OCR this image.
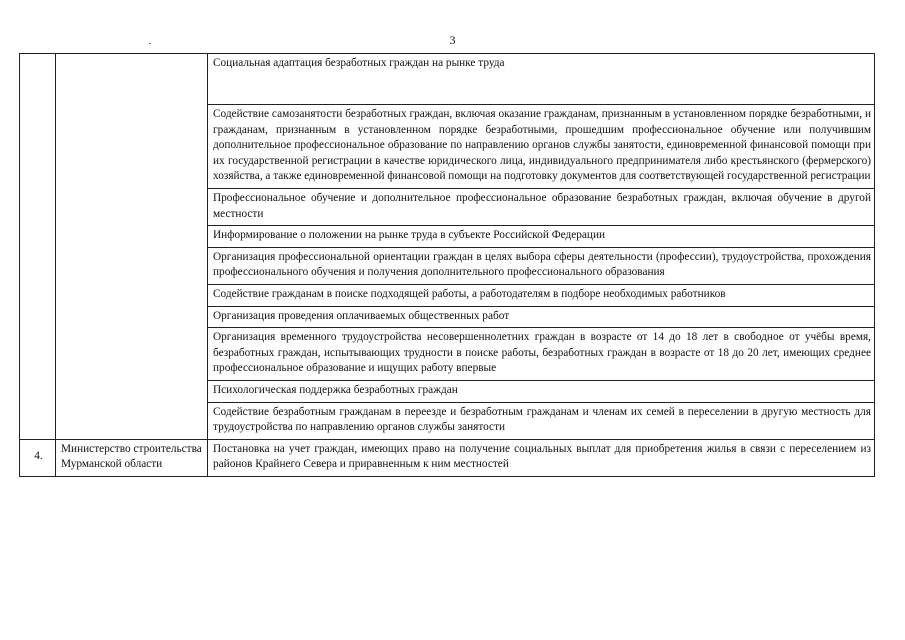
3

		Социальная адаптация безработных граждан на рынке труда

		Содействие самозанятости безработных граждан, включая оказание гражданам, признанным в установленном порядке безработными, и гражданам, признанным в установленном порядке безработными, прошедшим профессиональное обучение или получившим дополнительное профессиональное образование по направлению органов службы занятости, единовременной финансовой помощи при их государственной регистрации в качестве юридического лица, индивидуального предпринимателя либо крестьянского (фермерского) хозяйства, а также единовременной финансовой помощи на подготовку документов для соответствующей государственной регистрации

		Профессиональное обучение и дополнительное профессиональное образование безработных граждан, включая обучение в другой местности

		Информирование о положении на рынке труда в субъекте Российской Федерации

		Организация профессиональной ориентации граждан в целях выбора сферы деятельности (профессии), трудоустройства, прохождения профессионального обучения и получения дополнительного профессионального образования

		Содействие гражданам в поиске подходящей работы, а работодателям в подборе необходимых работников

		Организация проведения оплачиваемых общественных работ

		Организация временного трудоустройства несовершеннолетних граждан в возрасте от 14 до 18 лет в свободное от учёбы время, безработных граждан, испытывающих трудности в поиске работы, безработных граждан в возрасте от 18 до 20 лет, имеющих среднее профессиональное образование и ищущих работу впервые

		Психологическая поддержка безработных граждан

		Содействие безработным гражданам в переезде и безработным гражданам и членам их семей в переселении в другую местность для трудоустройства по направлению органов службы занятости

4.	Министерство строительства Мурманской области	Постановка на учет граждан, имеющих право на получение социальных выплат для приобретения жилья в связи с переселением из районов Крайнего Севера и приравненным к ним местностей
